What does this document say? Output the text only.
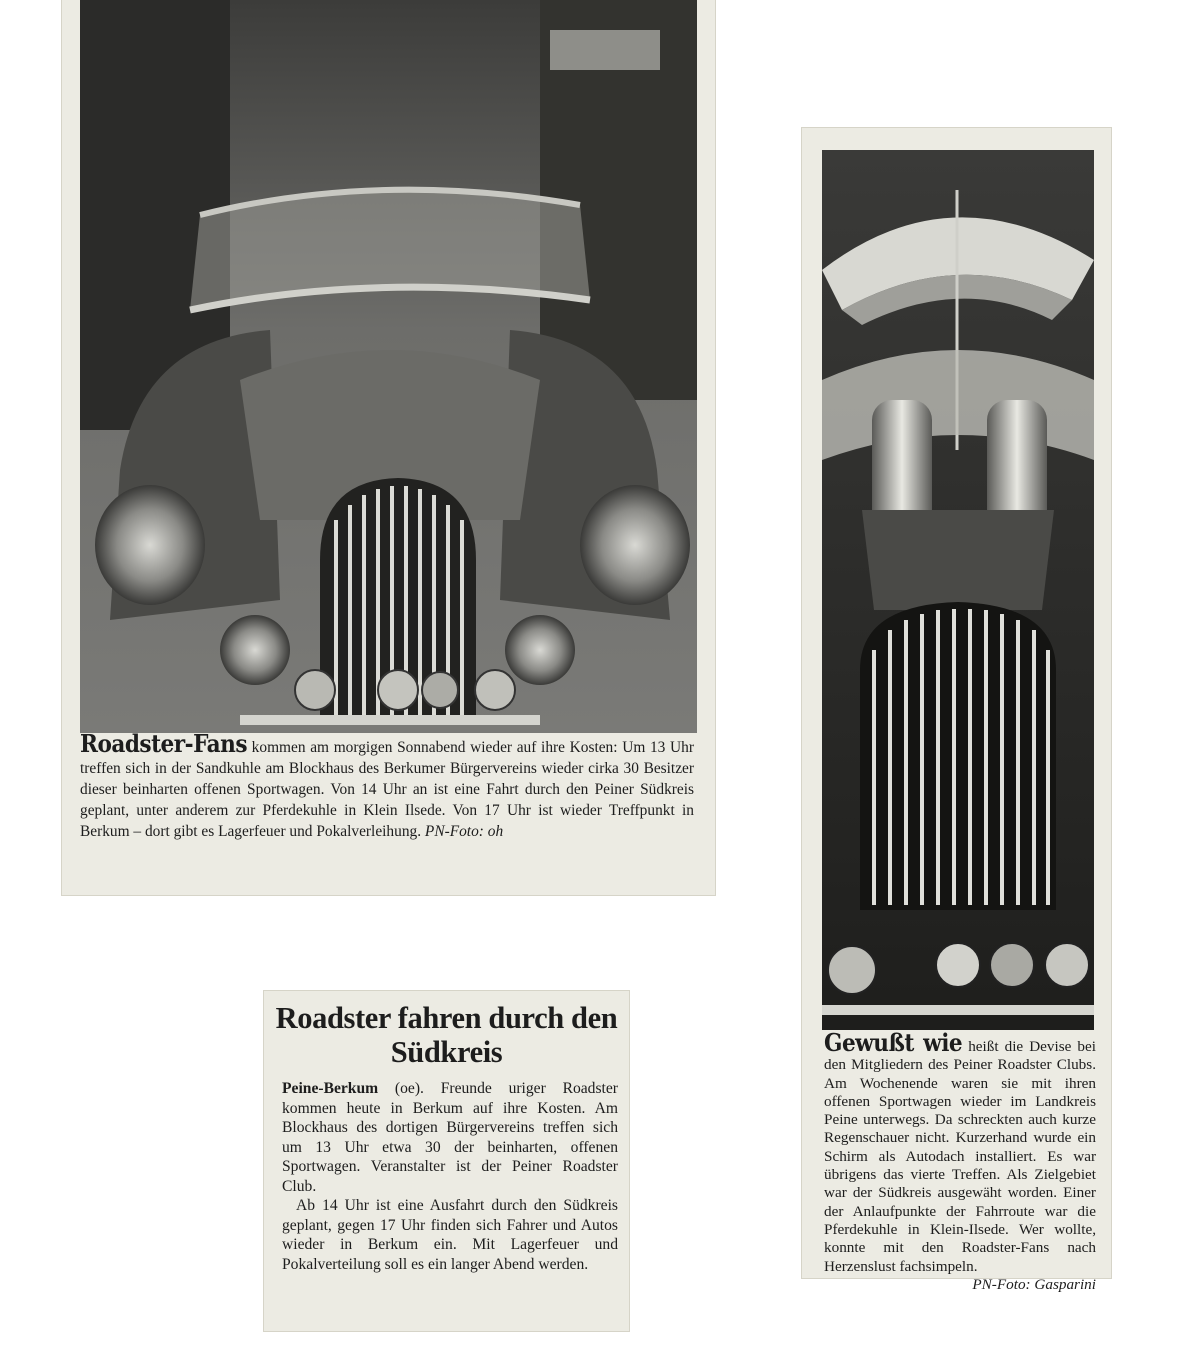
Roadster-Fans kommen am morgigen Sonnabend wieder auf ihre Kosten: Um 13 Uhr treffen sich in der Sandkuhle am Blockhaus des Berkumer Bürgervereins wieder cirka 30 Besitzer dieser beinharten offenen Sportwagen. Von 14 Uhr an ist eine Fahrt durch den Peiner Südkreis geplant, unter anderem zur Pferdekuhle in Klein Ilsede. Von 17 Uhr ist wieder Treffpunkt in Berkum – dort gibt es Lagerfeuer und Pokalverleihung. PN-Foto: oh
Roadster fahren durch den Südkreis

Peine-Berkum (oe). Freunde uriger Roadster kommen heute in Berkum auf ihre Kosten. Am Blockhaus des dortigen Bürgervereins treffen sich um 13 Uhr etwa 30 der beinharten, offenen Sportwagen. Veranstalter ist der Peiner Roadster Club.

Ab 14 Uhr ist eine Ausfahrt durch den Südkreis geplant, gegen 17 Uhr finden sich Fahrer und Autos wieder in Berkum ein. Mit Lagerfeuer und Pokalverteilung soll es ein langer Abend werden.

Gewußt wie heißt die Devise bei den Mitgliedern des Peiner Roadster Clubs. Am Wochenende waren sie mit ihren offenen Sportwagen wieder im Landkreis Peine unterwegs. Da schreckten auch kurze Regenschauer nicht. Kurzerhand wurde ein Schirm als Autodach installiert. Es war übrigens das vierte Treffen. Als Zielgebiet war der Südkreis ausgewäht worden. Einer der Anlaufpunkte der Fahrroute war die Pferdekuhle in Klein-Ilsede. Wer wollte, konnte mit den Roadster-Fans nach Herzenslust fachsimpeln.
PN-Foto: Gasparini
